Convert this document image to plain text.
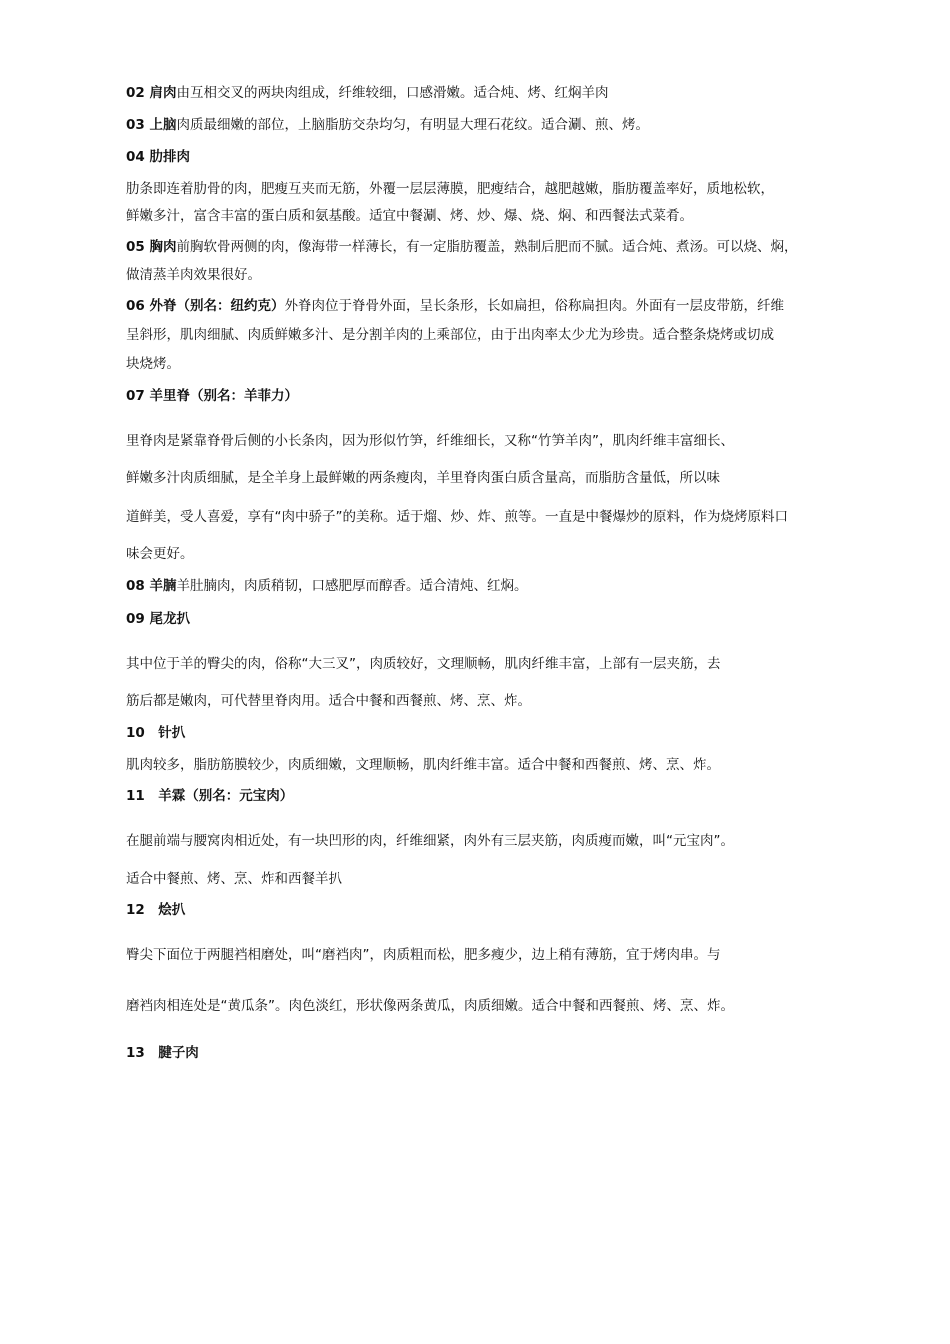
02 肩肉由互相交叉的两块肉组成，纤维较细，口感滑嫩。适合炖、烤、红焖羊肉
03 上脑肉质最细嫩的部位，上脑脂肪交杂均匀，有明显大理石花纹。适合涮、煎、烤。
04 肋排肉
肋条即连着肋骨的肉，肥瘦互夹而无筋，外覆一层层薄膜，肥瘦结合，越肥越嫩，脂肪覆盖率好，质地松软，
鲜嫩多汁，富含丰富的蛋白质和氨基酸。适宜中餐涮、烤、炒、爆、烧、焖、和西餐法式菜肴。
05 胸肉前胸软骨两侧的肉，像海带一样薄长，有一定脂肪覆盖，熟制后肥而不腻。适合炖、煮汤。可以烧、焖，
做清蒸羊肉效果很好。
06 外脊（别名：纽约克）外脊肉位于脊骨外面，呈长条形，长如扁担，俗称扁担肉。外面有一层皮带筋，纤维
呈斜形，肌肉细腻、肉质鲜嫩多汁、是分割羊肉的上乘部位，由于出肉率太少尤为珍贵。适合整条烧烤或切成
块烧烤。
07 羊里脊（别名：羊菲力）
里脊肉是紧靠脊骨后侧的小长条肉，因为形似竹笋，纤维细长，又称“竹笋羊肉”，肌肉纤维丰富细长、
鲜嫩多汁肉质细腻，是全羊身上最鲜嫩的两条瘦肉，羊里脊肉蛋白质含量高，而脂肪含量低，所以味
道鲜美，受人喜爱，享有“肉中骄子”的美称。适于熘、炒、炸、煎等。一直是中餐爆炒的原料，作为烧烤原料口
味会更好。
08 羊腩羊肚腩肉，肉质稍韧，口感肥厚而醇香。适合清炖、红焖。
09 尾龙扒
其中位于羊的臀尖的肉，俗称“大三叉”，肉质较好，文理顺畅，肌肉纤维丰富，上部有一层夹筋，去
筋后都是嫩肉，可代替里脊肉用。适合中餐和西餐煎、烤、烹、炸。
10　针扒
肌肉较多，脂肪筋膜较少，肉质细嫩，文理顺畅，肌肉纤维丰富。适合中餐和西餐煎、烤、烹、炸。
11　羊霖（别名：元宝肉）
在腿前端与腰窝肉相近处，有一块凹形的肉，纤维细紧，肉外有三层夹筋，肉质瘦而嫩，叫“元宝肉”。
适合中餐煎、烤、烹、炸和西餐羊扒
12　烩扒
臀尖下面位于两腿裆相磨处，叫“磨裆肉”，肉质粗而松，肥多瘦少，边上稍有薄筋，宜于烤肉串。与
磨裆肉相连处是“黄瓜条”。肉色淡红，形状像两条黄瓜，肉质细嫩。适合中餐和西餐煎、烤、烹、炸。
13　腱子肉
